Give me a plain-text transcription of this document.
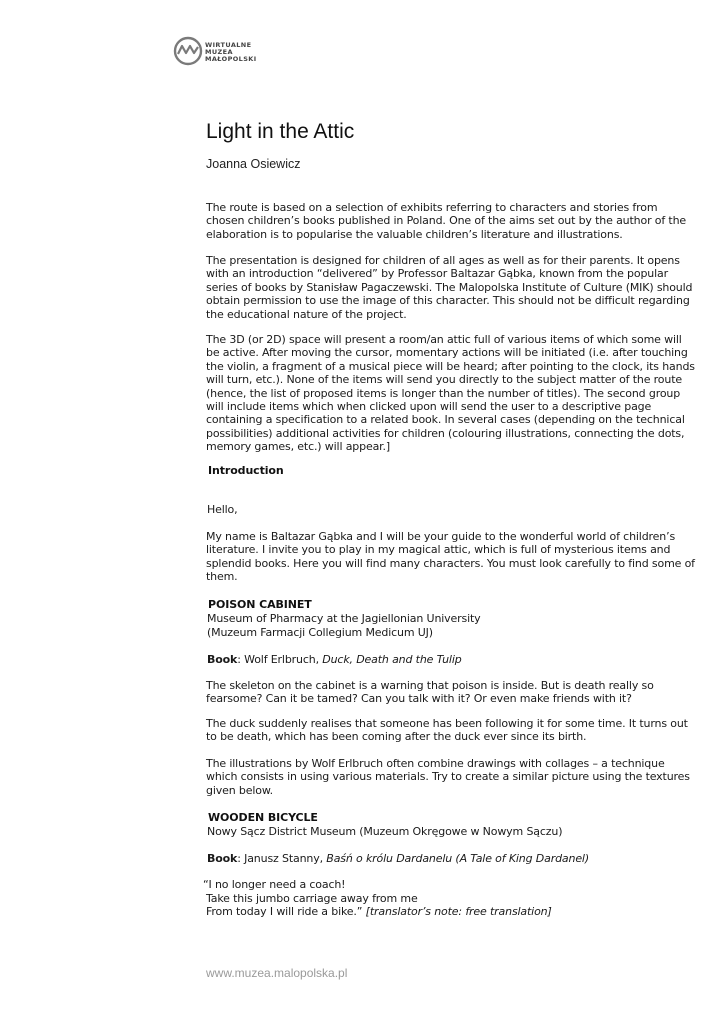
WIRTUALNE
MUZEA
MAŁOPOLSKI
Light in the Attic
Joanna Osiewicz

The route is based on a selection of exhibits referring to characters and stories from chosen children’s books published in Poland. One of the aims set out by the author of the elaboration is to popularise the valuable children’s literature and illustrations.

The presentation is designed for children of all ages as well as for their parents. It opens with an introduction “delivered” by Professor Baltazar Gąbka, known from the popular series of books by Stanisław Pagaczewski. The Malopolska Institute of Culture (MIK) should obtain permission to use the image of this character. This should not be difficult regarding the educational nature of the project.

The 3D (or 2D) space will present a room/an attic full of various items of which some will be active. After moving the cursor, momentary actions will be initiated (i.e. after touching the violin, a fragment of a musical piece will be heard; after pointing to the clock, its hands will turn, etc.). None of the items will send you directly to the subject matter of the route (hence, the list of proposed items is longer than the number of titles). The second group will include items which when clicked upon will send the user to a descriptive page containing a specification to a related book. In several cases (depending on the technical possibilities) additional activities for children (colouring illustrations, connecting the dots, memory games, etc.) will appear.]

Introduction
Hello,

My name is Baltazar Gąbka and I will be your guide to the wonderful world of children’s literature. I invite you to play in my magical attic, which is full of mysterious items and splendid books. Here you will find many characters. You must look carefully to find some of them.

POISON CABINET
Museum of Pharmacy at the Jagiellonian University
(Muzeum Farmacji Collegium Medicum UJ)
Book: Wolf Erlbruch, Duck, Death and the Tulip

The skeleton on the cabinet is a warning that poison is inside. But is death really so fearsome? Can it be tamed? Can you talk with it? Or even make friends with it?

The duck suddenly realises that someone has been following it for some time. It turns out to be death, which has been coming after the duck ever since its birth.

The illustrations by Wolf Erlbruch often combine drawings with collages – a technique which consists in using various materials. Try to create a similar picture using the textures given below.

WOODEN BICYCLE
Nowy Sącz District Museum (Muzeum Okręgowe w Nowym Sączu)
Book: Janusz Stanny, Baśń o królu Dardanelu (A Tale of King Dardanel)
“I no longer need a coach!
Take this jumbo carriage away from me
From today I will ride a bike.” [translator’s note: free translation]
www.muzea.malopolska.pl
